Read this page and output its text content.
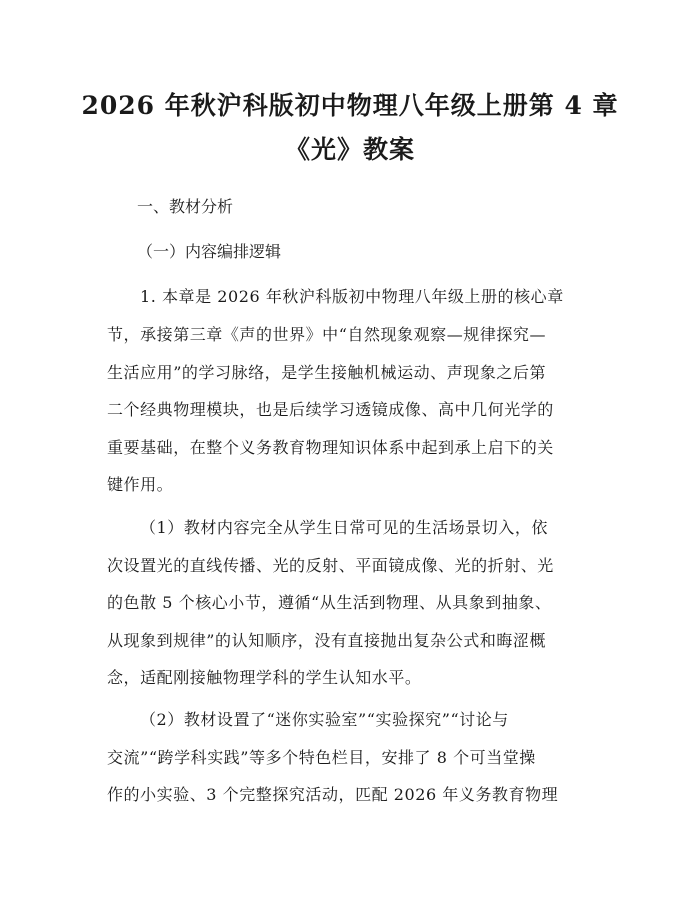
2026 年秋沪科版初中物理八年级上册第 4 章
《光》教案
一、教材分析
（一）内容编排逻辑
1. 本章是 2026 年秋沪科版初中物理八年级上册的核心章
节，承接第三章《声的世界》中“自然现象观察—规律探究—
生活应用”的学习脉络，是学生接触机械运动、声现象之后第
二个经典物理模块，也是后续学习透镜成像、高中几何光学的
重要基础，在整个义务教育物理知识体系中起到承上启下的关
键作用。
（1）教材内容完全从学生日常可见的生活场景切入，依
次设置光的直线传播、光的反射、平面镜成像、光的折射、光
的色散 5 个核心小节，遵循“从生活到物理、从具象到抽象、
从现象到规律”的认知顺序，没有直接抛出复杂公式和晦涩概
念，适配刚接触物理学科的学生认知水平。
（2）教材设置了“迷你实验室”“实验探究”“讨论与
交流”“跨学科实践”等多个特色栏目，安排了 8 个可当堂操
作的小实验、3 个完整探究活动，匹配 2026 年义务教育物理
